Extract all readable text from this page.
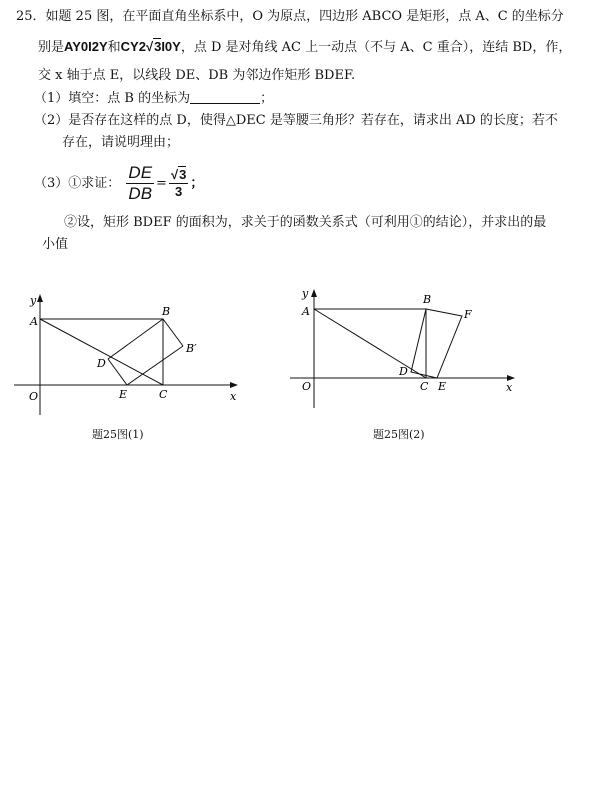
25．如题 25 图，在平面直角坐标系中，O 为原点，四边形 ABCO 是矩形，点 A、C 的坐标分
别是AY0I2Y和CY2√3I0Y，点 D 是对角线 AC 上一动点（不与 A、C 重合），连结 BD，作，
交 x 轴于点 E，以线段 DE、DB 为邻边作矩形 BDEF.
（1）填空：点 B 的坐标为	；
（2）是否存在这样的点 D，使得△DEC 是等腰三角形？若存在，请求出 AD 的长度；若不
存在，请说明理由；
（3）①求证： $\frac{DE}{DB} = \frac{√3}{3}$ ；
②设，矩形 BDEF 的面积为，求关于的函数关系式（可利用①的结论），并求出的最
小值
y
x
O
A
B
B′
D
E	C
题25图(1)
y
x
O
A
B
F
D
C E
题25图(2)
